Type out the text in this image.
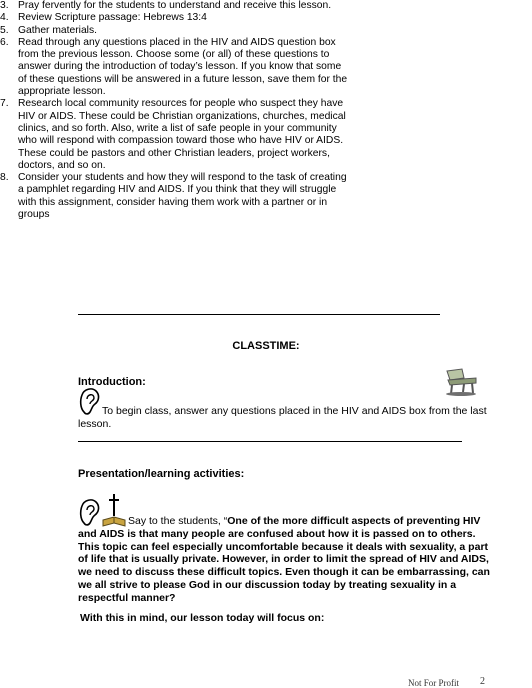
3. Pray fervently for the students to understand and receive this lesson.
4. Review Scripture passage: Hebrews 13:4
5. Gather materials.
6. Read through any questions placed in the HIV and AIDS question box from the previous lesson. Choose some (or all) of these questions to answer during the introduction of today’s lesson. If you know that some of these questions will be answered in a future lesson, save them for the appropriate lesson.
7. Research local community resources for people who suspect they have HIV or AIDS. These could be Christian organizations, churches, medical clinics, and so forth. Also, write a list of safe people in your community who will respond with compassion toward those who have HIV or AIDS. These could be pastors and other Christian leaders, project workers, doctors, and so on.
8. Consider your students and how they will respond to the task of creating a pamphlet regarding HIV and AIDS. If you think that they will struggle with this assignment, consider having them work with a partner or in groups
CLASSTIME:
Introduction:
To begin class, answer any questions placed in the HIV and AIDS box from the last lesson.
Presentation/learning activities:
Say to the students, “One of the more difficult aspects of preventing HIV and AIDS is that many people are confused about how it is passed on to others. This topic can feel especially uncomfortable because it deals with sexuality, a part of life that is usually private. However, in order to limit the spread of HIV and AIDS, we need to discuss these difficult topics. Even though it can be embarrassing, can we all strive to please God in our discussion today by treating sexuality in a respectful manner?
With this in mind, our lesson today will focus on:
Not For Profit 2
